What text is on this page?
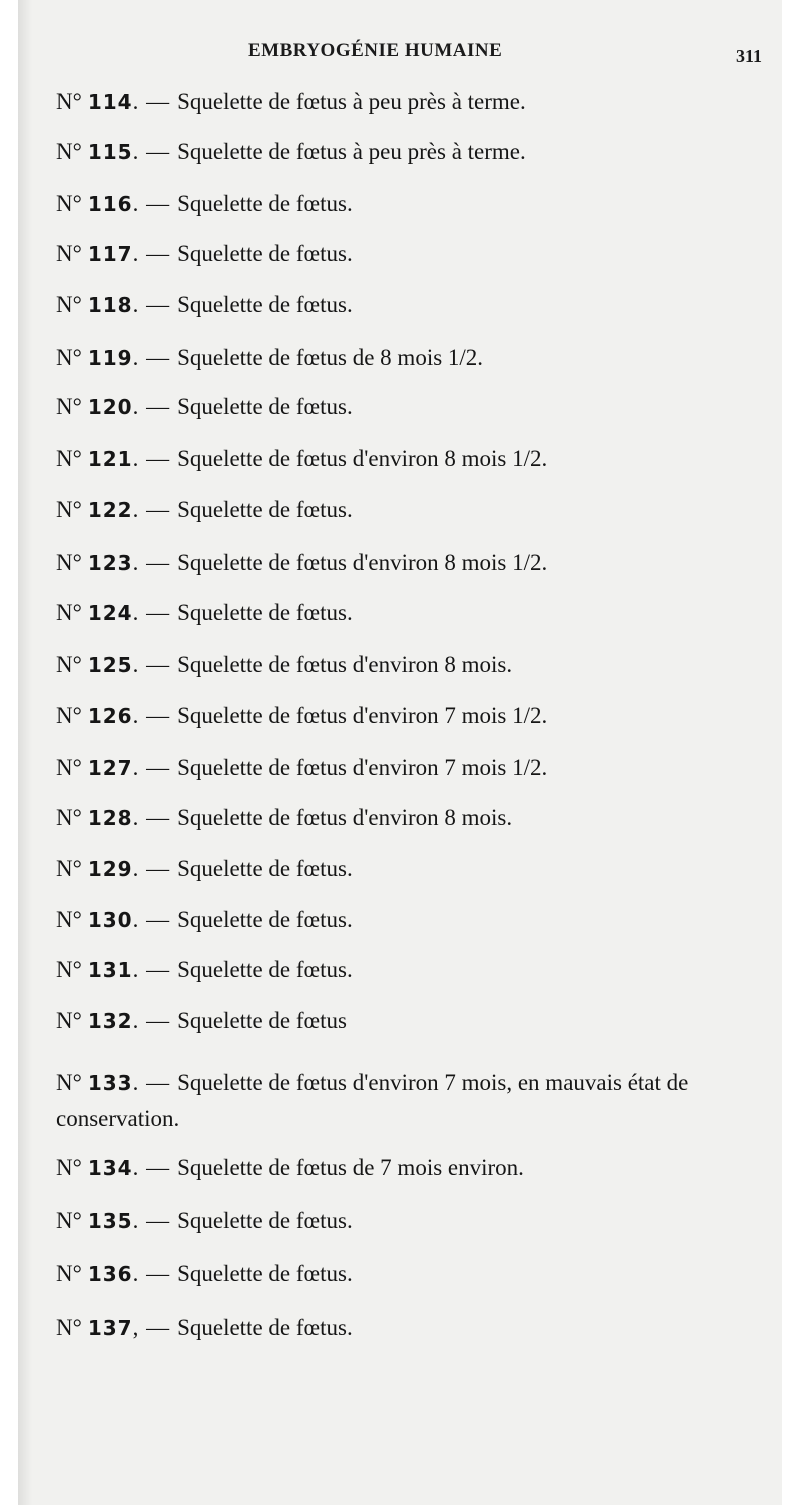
EMBRYOGÉNIE HUMAINE	311
N° 114. — Squelette de fœtus à peu près à terme.
N° 115. — Squelette de fœtus à peu près à terme.
N° 116. — Squelette de fœtus.
N° 117. — Squelette de fœtus.
N° 118. — Squelette de fœtus.
N° 119. — Squelette de fœtus de 8 mois 1/2.
N° 120. — Squelette de fœtus.
N° 121. — Squelette de fœtus d'environ 8 mois 1/2.
N° 122. — Squelette de fœtus.
N° 123. — Squelette de fœtus d'environ 8 mois 1/2.
N° 124. — Squelette de fœtus.
N° 125. — Squelette de fœtus d'environ 8 mois.
N° 126. — Squelette de fœtus d'environ 7 mois 1/2.
N° 127. — Squelette de fœtus d'environ 7 mois 1/2.
N° 128. — Squelette de fœtus d'environ 8 mois.
N° 129. — Squelette de fœtus.
N° 130. — Squelette de fœtus.
N° 131. — Squelette de fœtus.
N° 132. — Squelette de fœtus
N° 133. — Squelette de fœtus d'environ 7 mois, en mauvais état de conservation.
N° 134. — Squelette de fœtus de 7 mois environ.
N° 135. — Squelette de fœtus.
N° 136. — Squelette de fœtus.
N° 137, — Squelette de fœtus.
